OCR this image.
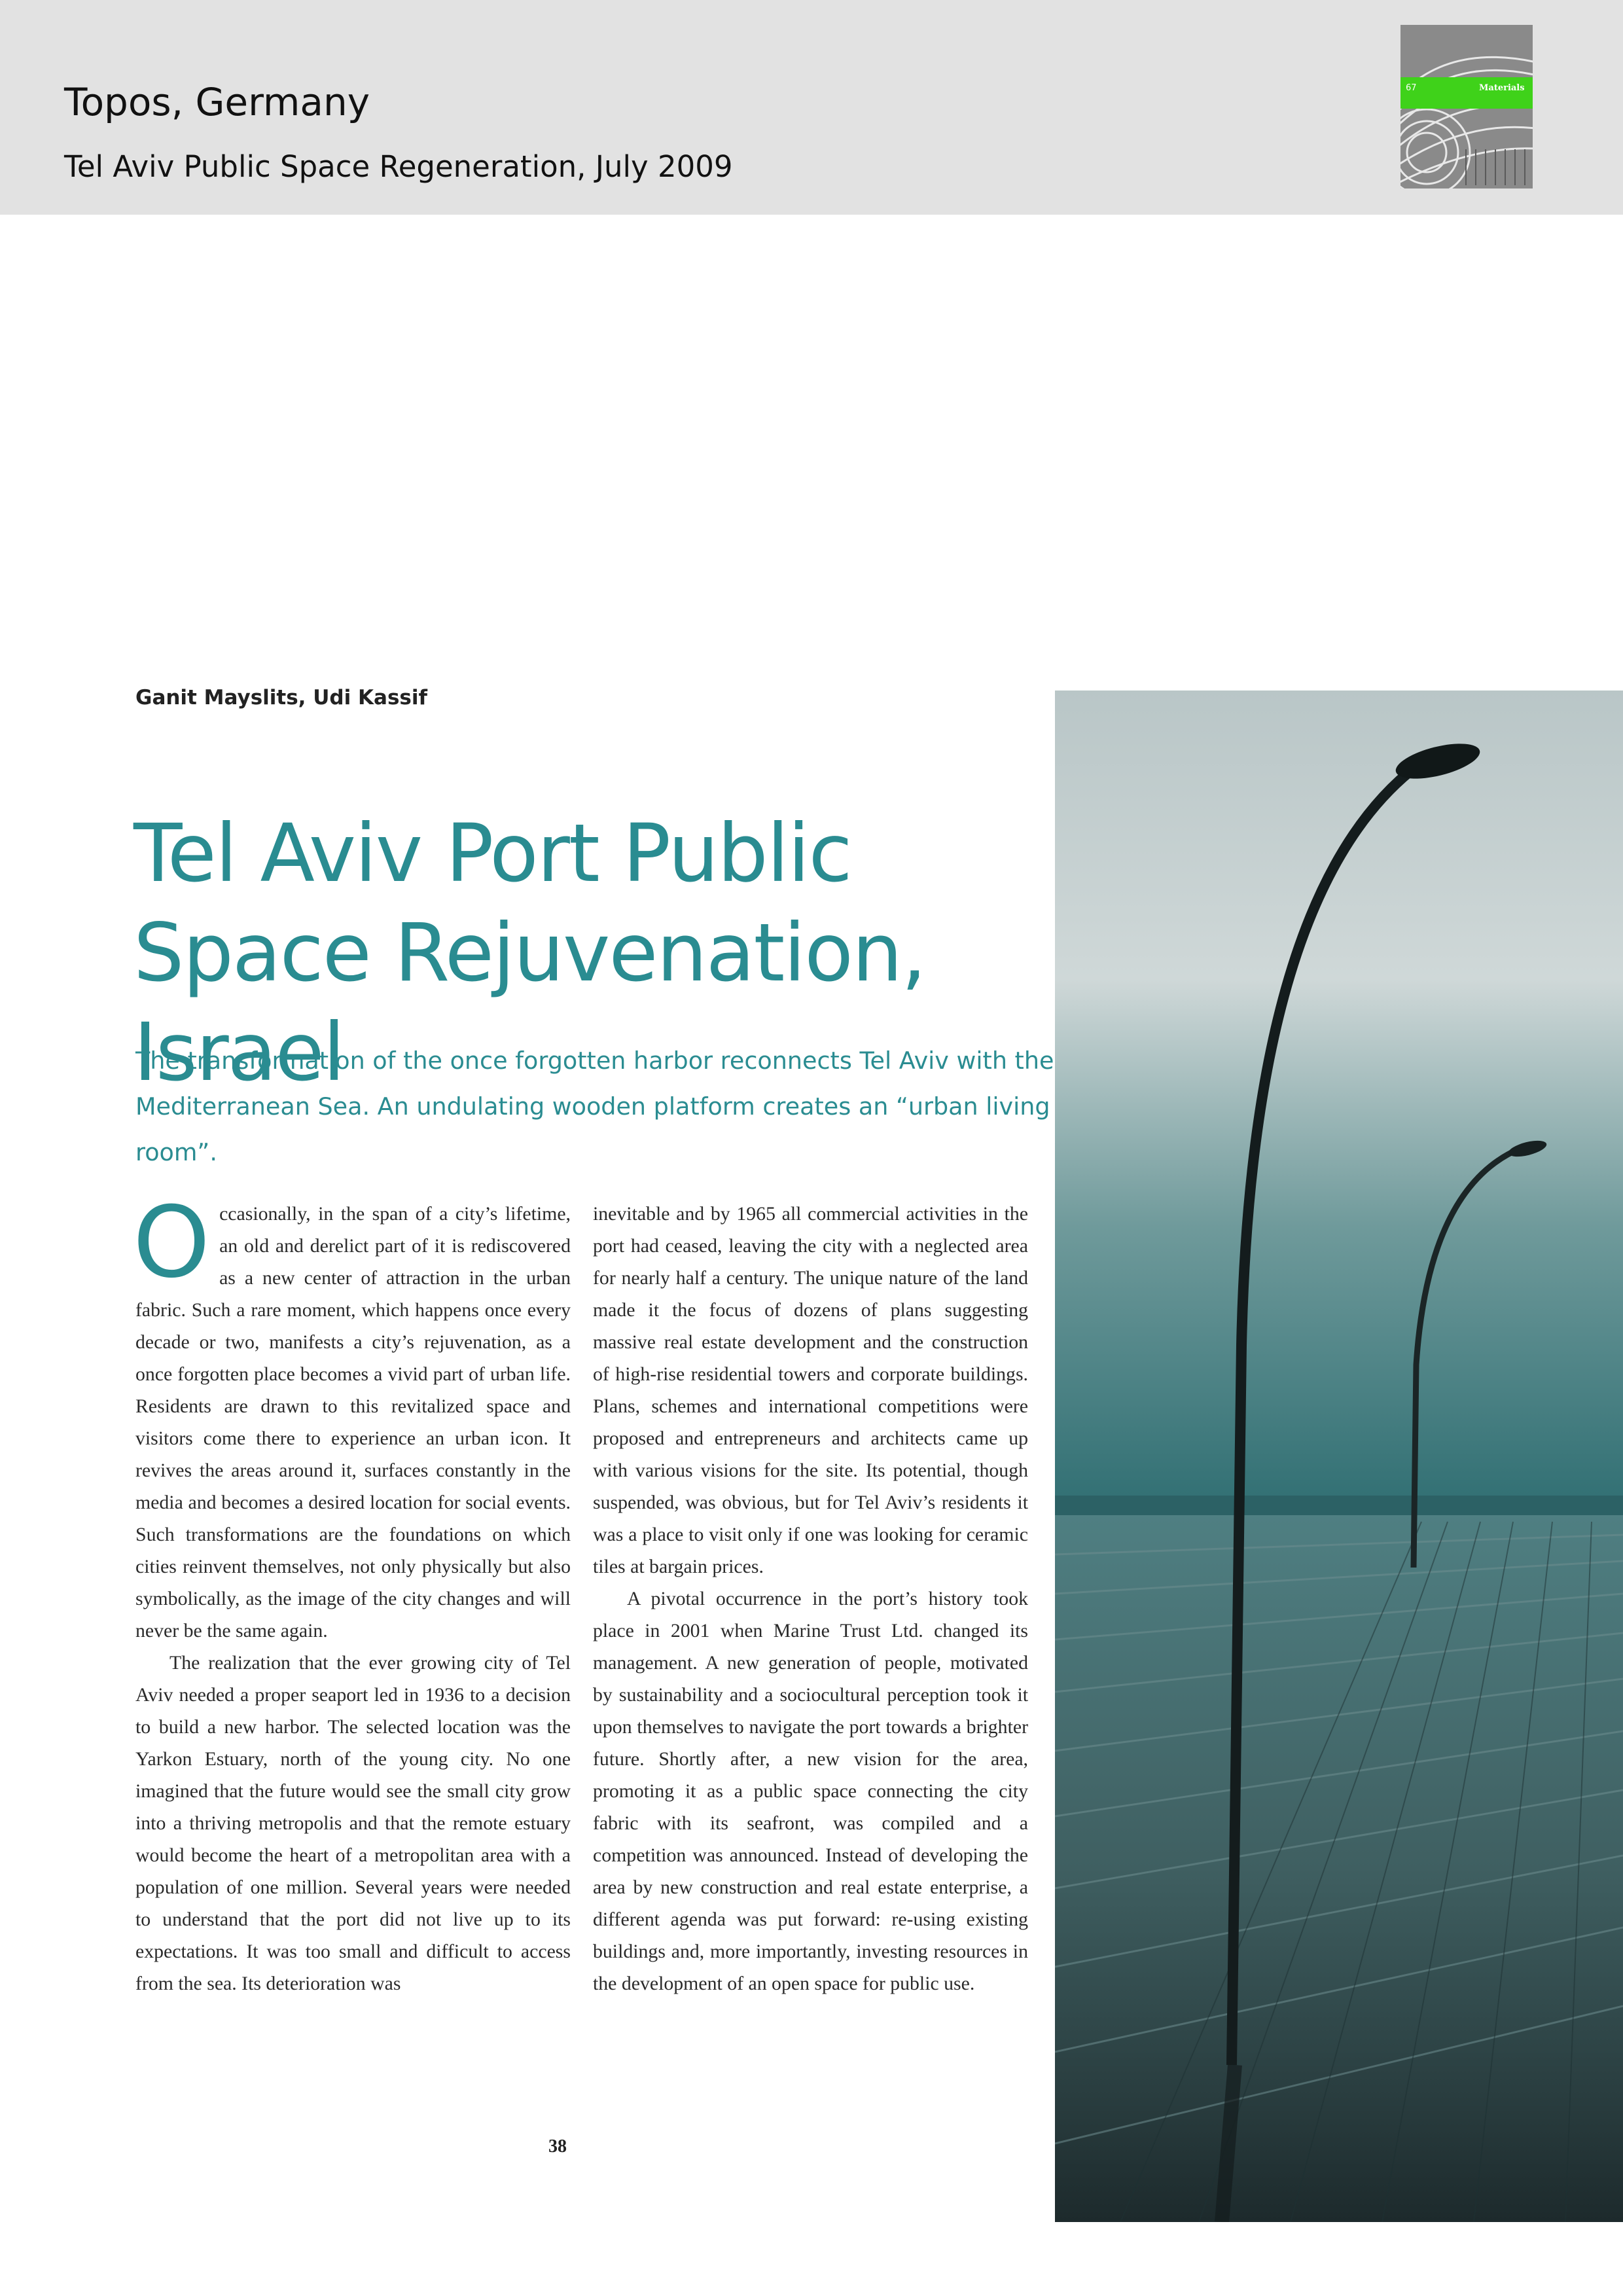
Topos, Germany
Tel Aviv Public Space Regeneration, July 2009
67	Materials
Ganit Mayslits, Udi Kassif
Tel Aviv Port Public Space Rejuvenation, Israel
The transformation of the once forgotten harbor reconnects Tel Aviv with the Mediterranean Sea. An undulating wooden platform creates an “urban living room”.
O ccasionally, in the span of a city’s lifetime, an old and derelict part of it is rediscovered as a new center of attraction in the urban fabric. Such a rare moment, which happens once every decade or two, manifests a city’s rejuvenation, as a once forgotten place becomes a vivid part of urban life. Residents are drawn to this revitalized space and visitors come there to experience an urban icon. It revives the areas around it, surfaces constantly in the media and becomes a desired location for social events. Such transformations are the foundations on which cities reinvent themselves, not only physically but also symbolically, as the image of the city changes and will never be the same again.

The realization that the ever growing city of Tel Aviv needed a proper seaport led in 1936 to a decision to build a new harbor. The selected location was the Yarkon Estuary, north of the young city. No one imagined that the future would see the small city grow into a thriving metropolis and that the remote estuary would become the heart of a metropolitan area with a population of one million. Several years were needed to understand that the port did not live up to its expectations. It was too small and difficult to access from the sea. Its deterioration was

inevitable and by 1965 all commercial activities in the port had ceased, leaving the city with a neglected area for nearly half a century. The unique nature of the land made it the focus of dozens of plans suggesting massive real estate development and the construction of high-rise residential towers and corporate buildings. Plans, schemes and international competitions were proposed and entrepreneurs and architects came up with various visions for the site. Its potential, though suspended, was obvious, but for Tel Aviv’s residents it was a place to visit only if one was looking for ceramic tiles at bargain prices.

A pivotal occurrence in the port’s history took place in 2001 when Marine Trust Ltd. changed its management. A new generation of people, motivated by sustainability and a sociocultural perception took it upon themselves to navigate the port towards a brighter future. Shortly after, a new vision for the area, promoting it as a public space connecting the city fabric with its seafront, was compiled and a competition was announced. Instead of developing the area by new construction and real estate enterprise, a different agenda was put forward: re-using existing buildings and, more importantly, investing resources in the development of an open space for public use.

38
